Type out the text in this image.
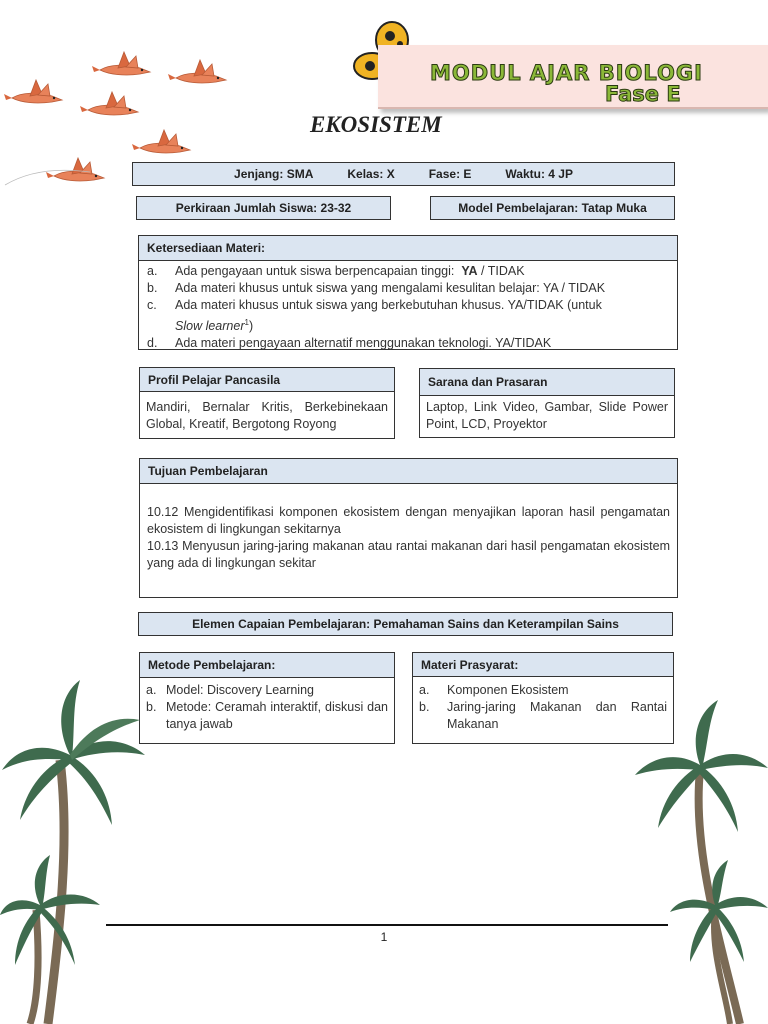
MODUL AJAR BIOLOGI
Fase E
EKOSISTEM
Jenjang: SMA	Kelas: X	Fase: E	Waktu: 4 JP
Perkiraan Jumlah Siswa: 23-32	Model Pembelajaran: Tatap Muka
Ketersediaan Materi:
a.	Ada pengayaan untuk siswa berpencapaian tinggi: YA / TIDAK
b.	Ada materi khusus untuk siswa yang mengalami kesulitan belajar: YA / TIDAK
c.	Ada materi khusus untuk siswa yang berkebutuhan khusus. YA/TIDAK (untuk
Slow learner$^1$)
d.	Ada materi pengayaan alternatif menggunakan teknologi. YA/TIDAK
Profil Pelajar Pancasila
Mandiri, Bernalar Kritis, Berkebinekaan Global, Kreatif, Bergotong Royong
Sarana dan Prasaran
Laptop, Link Video, Gambar, Slide Power Point, LCD, Proyektor
Tujuan Pembelajaran
10.12 Mengidentifikasi komponen ekosistem dengan menyajikan laporan hasil pengamatan ekosistem di lingkungan sekitarnya
10.13 Menyusun jaring-jaring makanan atau rantai makanan dari hasil pengamatan ekosistem yang ada di lingkungan sekitar
Elemen Capaian Pembelajaran: Pemahaman Sains dan Keterampilan Sains
Metode Pembelajaran:
a. Model: Discovery Learning
b. Metode: Ceramah interaktif, diskusi dan tanya jawab
Materi Prasyarat:
a.	Komponen Ekosistem
b.	Jaring-jaring Makanan dan Rantai Makanan
1
